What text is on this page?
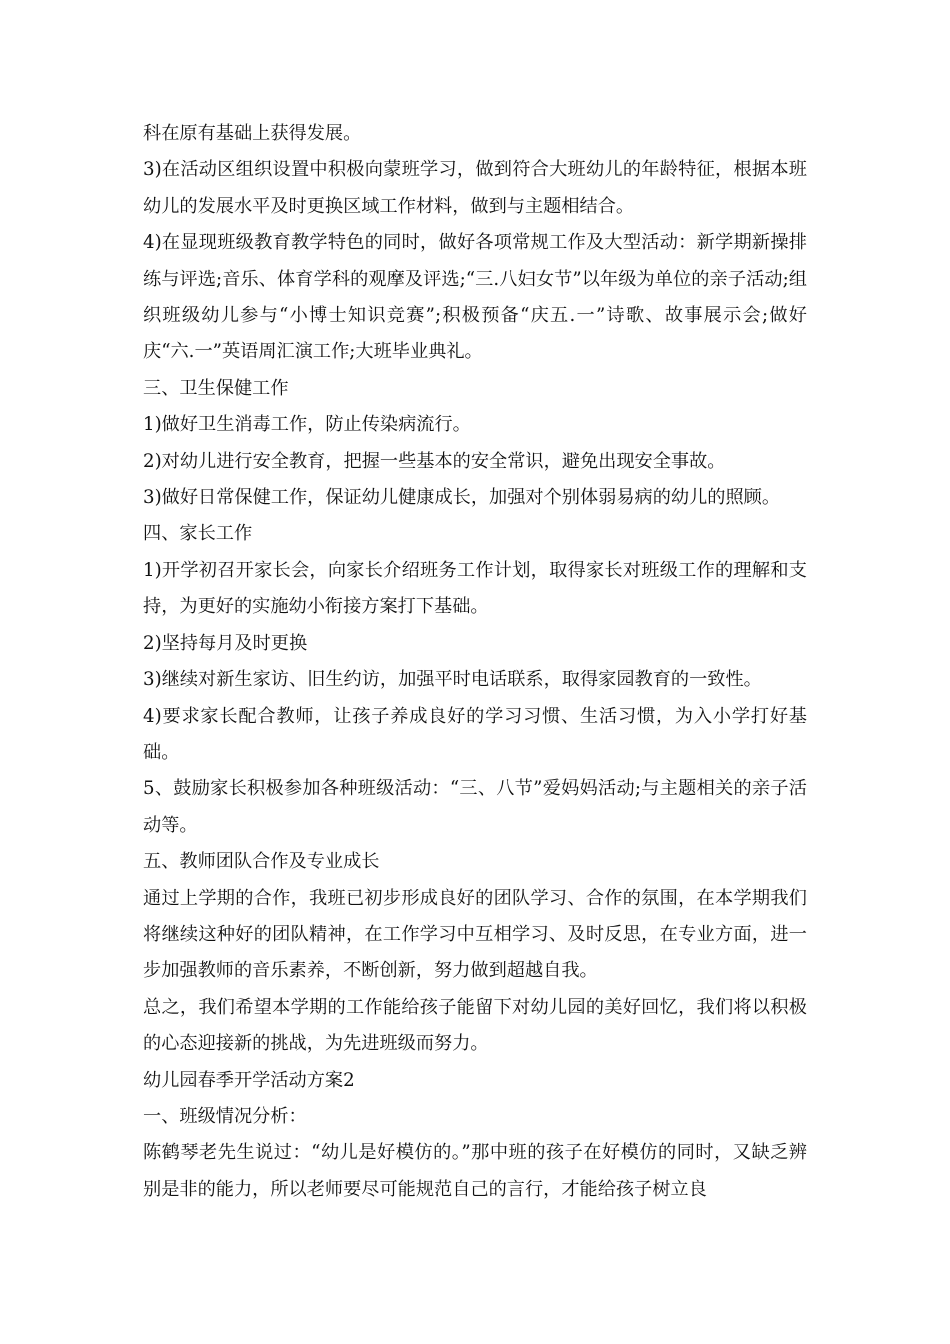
科在原有基础上获得发展。

3)在活动区组织设置中积极向蒙班学习，做到符合大班幼儿的年龄特征，根据本班幼儿的发展水平及时更换区域工作材料，做到与主题相结合。

4)在显现班级教育教学特色的同时，做好各项常规工作及大型活动：新学期新操排练与评选;音乐、体育学科的观摩及评选;“三.八妇女节”以年级为单位的亲子活动;组织班级幼儿参与“小博士知识竞赛”;积极预备“庆五.一”诗歌、故事展示会;做好庆“六.一”英语周汇演工作;大班毕业典礼。

三、卫生保健工作

1)做好卫生消毒工作，防止传染病流行。

2)对幼儿进行安全教育，把握一些基本的安全常识，避免出现安全事故。

3)做好日常保健工作，保证幼儿健康成长，加强对个别体弱易病的幼儿的照顾。

四、家长工作

1)开学初召开家长会，向家长介绍班务工作计划，取得家长对班级工作的理解和支持，为更好的实施幼小衔接方案打下基础。

2)坚持每月及时更换

3)继续对新生家访、旧生约访，加强平时电话联系，取得家园教育的一致性。

4)要求家长配合教师，让孩子养成良好的学习习惯、生活习惯，为入小学打好基础。

5、鼓励家长积极参加各种班级活动：“三、八节”爱妈妈活动;与主题相关的亲子活动等。

五、教师团队合作及专业成长

通过上学期的合作，我班已初步形成良好的团队学习、合作的氛围，在本学期我们将继续这种好的团队精神，在工作学习中互相学习、及时反思，在专业方面，进一步加强教师的音乐素养，不断创新，努力做到超越自我。

总之，我们希望本学期的工作能给孩子能留下对幼儿园的美好回忆，我们将以积极的心态迎接新的挑战，为先进班级而努力。

幼儿园春季开学活动方案2

一、班级情况分析：

陈鹤琴老先生说过：“幼儿是好模仿的。”那中班的孩子在好模仿的同时，又缺乏辨别是非的能力，所以老师要尽可能规范自己的言行，才能给孩子树立良
